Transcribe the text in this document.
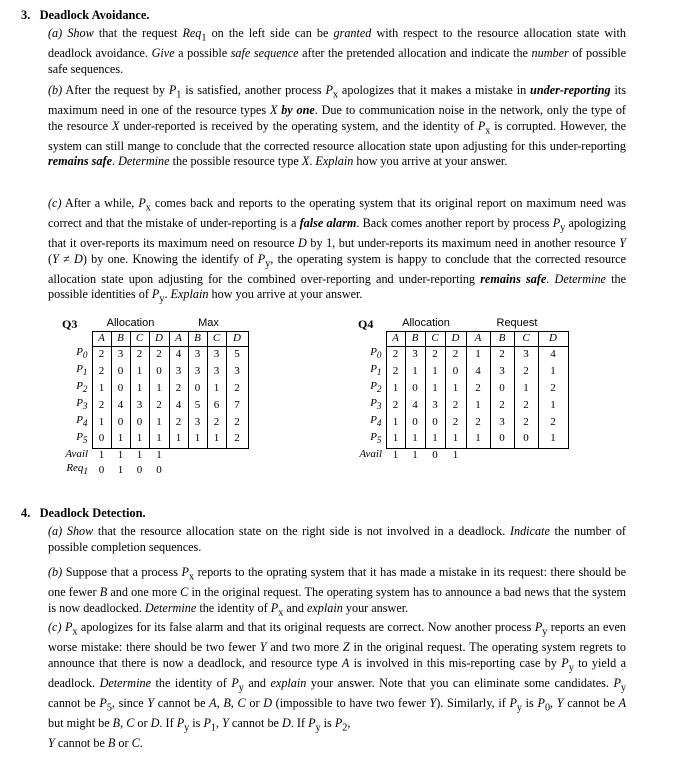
3. Deadlock Avoidance.
(a) Show that the request Req$_1$ on the left side can be granted with respect to the resource allocation state with deadlock avoidance. Give a possible safe sequence after the pretended allocation and indicate the number of possible safe sequences.
(b) After the request by $P_1$ is satisfied, another process $P_x$ apologizes that it makes a mistake in under-reporting its maximum need in one of the resource types X by one. Due to communication noise in the network, only the type of the resource X under-reported is received by the operating system, and the identity of $P_x$ is corrupted. However, the system can still mange to conclude that the corrected resource allocation state upon adjusting for this under-reporting remains safe. Determine the possible resource type X. Explain how you arrive at your answer.
(c) After a while, $P_x$ comes back and reports to the operating system that its original report on maximum need was correct and that the mistake of under-reporting is a false alarm. Back comes another report by process $P_y$ apologizing that it over-reports its maximum need on resource D by 1, but under-reports its maximum need in another resource Y (Y ≠ D) by one. Knowing the identify of $P_y$, the operating system is happy to conclude that the corrected resource allocation state upon adjusting for the combined over-reporting and under-reporting remains safe. Determine the possible identities of $P_y$. Explain how you arrive at your answer.
Q3
		Allocation				Max			
	A	B	C	D	A	B	C	D
$P_0$	2	3	2	2	4	3	3	5
$P_1$	2	0	1	0	3	3	3	3
$P_2$	1	0	1	1	2	0	1	2
$P_3$	2	4	3	2	4	5	6	7
$P_4$	1	0	0	1	2	3	2	2
$P_5$	0	1	1	1	1	1	1	2
Avail	1	1	1	1				
Req$_1$	0	1	0	0				
Q4
		Allocation				Request			
	A	B	C	D	A	B	C	D
$P_0$	2	3	2	2	1	2	3	4
$P_1$	2	1	1	0	4	3	2	1
$P_2$	1	0	1	1	2	0	1	2
$P_3$	2	4	3	2	1	2	2	1
$P_4$	1	0	0	2	2	3	2	2
$P_5$	1	1	1	1	1	0	0	1
Avail	1	1	0	1				
4. Deadlock Detection.
(a) Show that the resource allocation state on the right side is not involved in a deadlock. Indicate the number of possible completion sequences.
(b) Suppose that a process $P_x$ reports to the oprating system that it has made a mistake in its request: there should be one fewer B and one more C in the original request. The operating system has to announce a bad news that the system is now deadlocked. Determine the identity of $P_x$ and explain your answer.
(c) $P_x$ apologizes for its false alarm and that its original requests are correct. Now another process $P_y$ reports an even worse mistake: there should be two fewer Y and two more Z in the original request. The operating system regrets to announce that there is now a deadlock, and resource type A is involved in this mis-reporting case by $P_y$ to yield a deadlock. Determine the identity of $P_y$ and explain your answer. Note that you can eliminate some candidates. $P_y$ cannot be $P_5$, since Y cannot be A, B, C or D (impossible to have two fewer Y). Similarly, if $P_y$ is $P_0$, Y cannot be A but might be B, C or D. If $P_y$ is $P_1$, Y cannot be D. If $P_y$ is $P_2$,
Y cannot be B or C.
